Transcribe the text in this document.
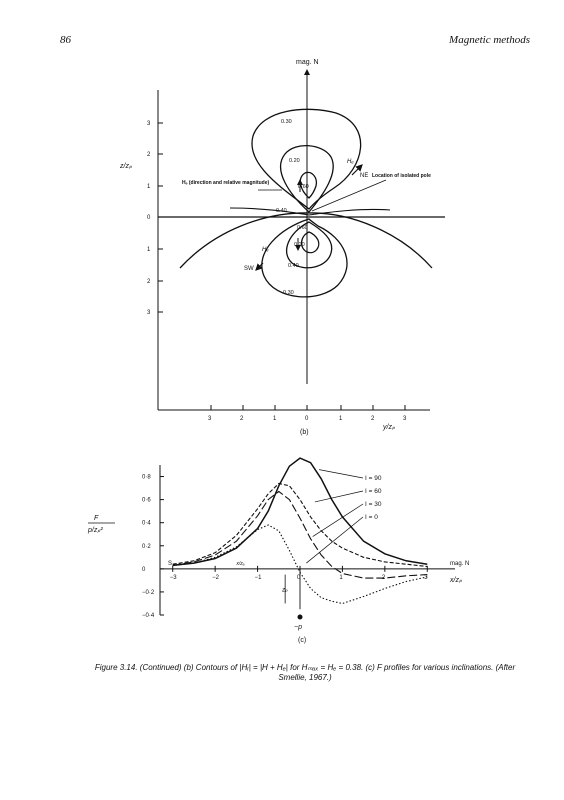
86	Magnetic methods
mag. N
3
2
1
0
1
2
3
z/zₚ
3	2	1	0	1	2	3
y/zₚ
(b)
0.30
0.20
0.40
0.60
0.20
0.40
0.30
0.60
Hₑ
NE
Hₑ
SW
Hₑ (direction and relative magnitude)
Location of isolated pole
0·8
0·6
0·4
0·2
0
−0·2
−0·4
−3	−2	−1	0	1	2	3
F
p/zₚ²
x/zₚ
mag. N
S	x/zₐ
I = 90
I = 60
I = 30
I = 0
zₚ
−p
(c)
Figure 3.14. (Continued) (b) Contours of |Hᵣ| = |H + Hₑ| for Hₘₐₓ = Hₑ = 0.38. (c) F profiles for various inclinations. (After Smellie, 1967.)
